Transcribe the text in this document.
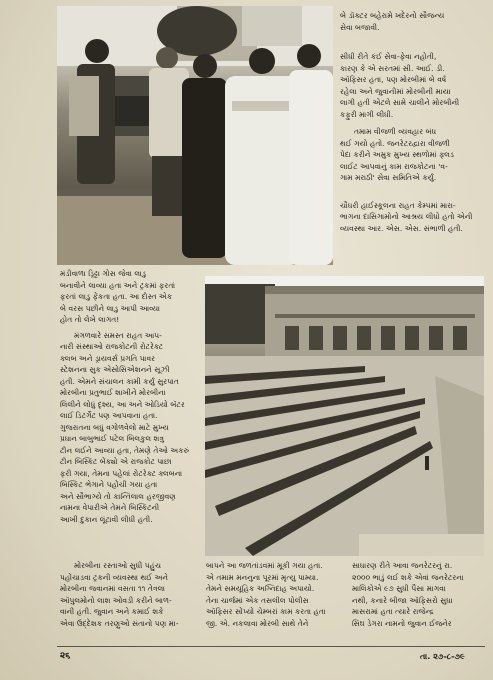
બે ડૉક્ટર બહેરામે ખદેરનો સૌજન્ય
સેવા બજાવી.
સીધી રીતે કંઈ સેવા-ફેવા નહોતી,
કારણ કે એ સરતમાં સી. આઈ. ડી.
ઑફિસર હતા, પણ મોરબીમાં બે વર્ષ
રહેલા અને જુવાનીમાં મોરબીની માયા
લાગી હતી એટલે સામે ચાલીને મોરબીની
કફુરી માગી લીધી.
તમામ વીજળી વ્યવહાર બંધ
થઈ ગયો હતો. જનરેટરદ્વારા વીજળી
પેદા કરીને અમુક મુખ્ય સ્થળોમાં ફ્લડ
લાઈટ આપવાનું કામ રાજકોટના 'વ-
ગામ મરાઠી' સેવા સમિતિએ કર્યું.
ચૌધરી હાઈસ્કૂલના રાહત કેમ્પમાં મારા-
ભાગના દાસિગામોનો આશ્રય લીધો હતો એની
વ્યવસ્થા આર. એસ. એસ. સંભાળી હતી.
મંડીવાળા ડ્રિટ્ટા ગોસ જેવા લાડુ
બનાવીને લાવ્યા હતા અને ટ્રકમાં ફરતાં
ફરતાં લાડુ ફેંકતા હતા. આ દોસ્ત એક
બે વરસ પછીને લાડુ આપી આવ્યા
હોત તો લેખે લાગત!
મંગળવારે સમસ્ત રાહત આપ-
નારી સંસ્થાઓ રાજકોટની રોટરેક્ટ
ક્લબ અને ડ્રાયવર્સ પ્રગતિ પાવર
સ્ટેશનના સુક એસોસિએશનને સૂઝી
હતી. એમને સંચાલન કામી કર્યું સુરપાત
મોરબીના પ્રતુભાઈ શાખીને મોરબીના
લિલીને લોધું દૃશ્ય, આ અને ઓડિયો બૅટર
લાઈ ડિટર્ગેટ પણ આપવાના હતા.
ગુજરાતના બધું વગોળવેલો માટે મુખ્ય
પ્રધાન બાબુભાઈ પટેલ બિલકુલ શત્રુ
ટીન લઈને આવ્યા હતા, તેમણે તેઓ અકરું
ટીન બિસ્કિટ બેંક્યો એ રાજકોટ પાછા
ફરી ગયા, તેમના પહેલાં રોટરેક્ટ ક્લબના
બિસ્કિટ ભેગાને પહોંચી ગયા હતા
અને સૌભાગ્યે તો કાન્તિલાલ હરજીવણ
નામના વેપારીએ તેમને બિસ્કિટની
આખી દુકાન લૂંટાવી લીધી હતી.
મોરબીના રસ્તાઓ સુધી પહુંચ
પહોંચાડવા ટ્રકની વ્યવસ્થા થઈ અને
મોરબીના જવાનમાં વસતા ૧૧ તેત્રલા
ઑપુલમોનો લાશ ઓવડી કરીને બાળ-
વાની હતી. જુવાન અને કમાઈ શકે
એવા ઉદ્દેશક તરણુઓ સંતાનો પણ મા-
બાપને આ જળતાંડવમાં મૂકી ગયા હતા.
એ તમામ મનનુના પૂરમાં મૃત્યુ પામ્યા.
તેમને સમયૂહિક અગ્નિદાહ અપાયો.
તેના ચાર્જમાં એક તસલીલ પોલીસ
ઑફિસર સોંપ્યો ચેમ્બરાં કામ કરતા હતા
જી. એ. નકલાવા મોરબી સાથે તેને
સાધારણ રીતે આવા જનરેટરનું રા.
૨૦૦૦ ભાડું લઈ શકે એવાં જનરેટરના
માલિકોએ ૯૭ સુધી પૈસા માગવા
નથી, કનારે બીજા ઑફિસરો સુધા
માસરામાં હતા ત્યારે રાજેન્દ્ર
સિંઘ ડેગરા નામનો જુવાન ઈજનેર
૨૬	તા. ૨૭-૮-૭૯
